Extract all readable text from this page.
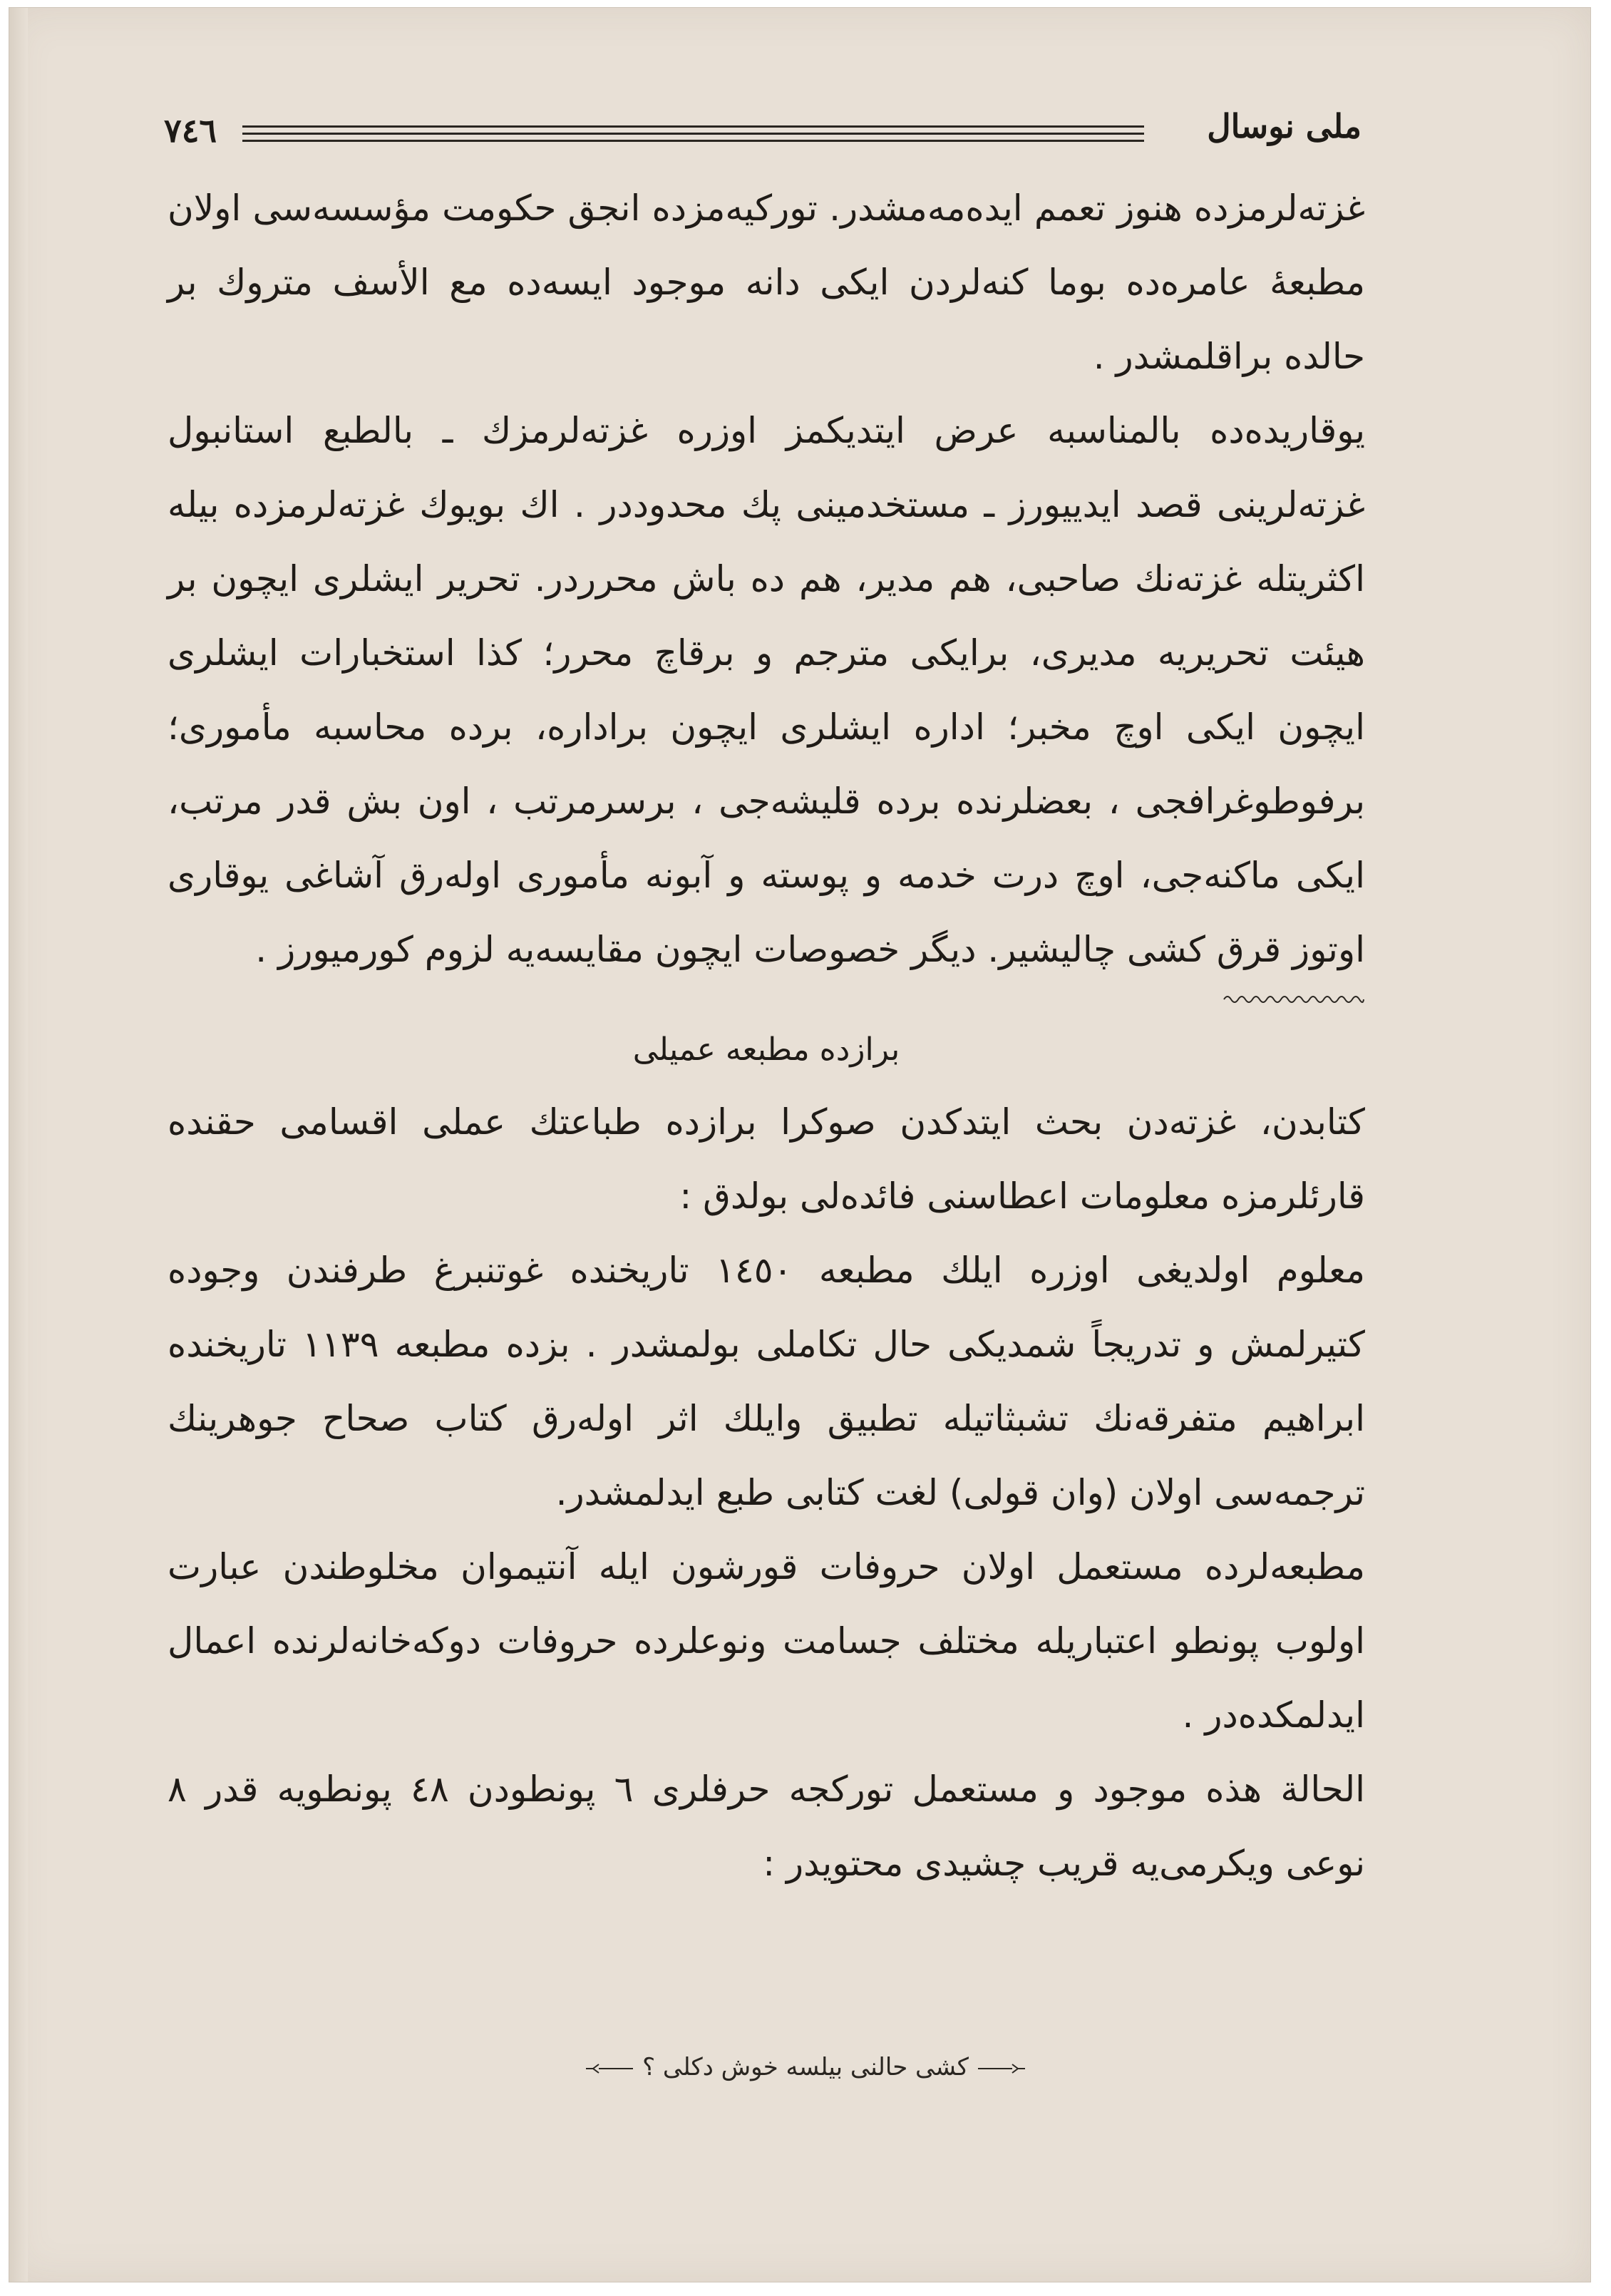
٧٤٦	ملی نوسال

غزته‌لرمزده هنوز تعمم ایده‌مه‌مشدر. تورکیه‌مزده انجق حکومت مؤسسه‌سی اولان مطبعهٔ عامره‌ده بوما کنه‌لردن ایکی دانه موجود ایسه‌ده مع الأسف متروك بر حالده براقلمشدر .

یوقاریده‌ده بالمناسبه عرض ایتدیکمز اوزره غزته‌لرمزك ـ بالطبع استانبول غزته‌لرینی قصد ایدییورز ـ مستخدمینی پك محدوددر . اك بویوك غزته‌لرمزده بیله اکثریتله غزته‌نك صاحبی، هم مدیر، هم ده باش محرردر. تحریر ایشلری ایچون بر هیئت تحریریه مدیری، برایکی مترجم و برقاچ محرر؛ کذا استخبارات ایشلری ایچون ایکی اوچ مخبر؛ اداره ایشلری ایچون برادارە، برده محاسبه مأموری؛ برفوطوغرافجی ، بعضلرنده برده قلیشه‌جی ، برسرمرتب ، اون بش قدر مرتب، ایکی ماکنه‌جی، اوچ درت خدمه و پوسته و آبونه مأموری اوله‌رق آشاغی یوقاری اوتوز قرق کشی چالیشیر. دیگر خصوصات ایچون مقایسه‌یه لزوم کورمیورز .

برازده مطبعه عمیلی

کتابدن، غزته‌دن بحث ایتدکدن صوکرا برازده طباعتك عملی اقسامی حقنده قارئلرمزه معلومات اعطاسنی فائده‌لی بولدق :

معلوم اولدیغی اوزره ایلك مطبعه ۱٤٥٠ تاریخنده غوتنبرغ طرفندن وجوده کتیرلمش و تدریجاً شمدیکی حال تکاملی بولمشدر . بزده مطبعه ۱۱۳۹ تاریخنده ابراهیم متفرقه‌نك تشبثاتیله تطبیق وایلك اثر اوله‌رق کتاب صحاح جوهرینك ترجمه‌سی اولان (وان قولی) لغت کتابی طبع ایدلمشدر.

مطبعه‌لرده مستعمل اولان حروفات قورشون ایله آنتیموان مخلوطندن عبارت اولوب پونطو اعتباریله مختلف جسامت ونوعلرده حروفات دوکه‌خانه‌لرنده اعمال ایدلمکده‌در .

الحالة هذه موجود و مستعمل تورکجه حرفلری ٦ پونطودن ٤٨ پونطویه قدر ٨ نوعی ویکرمی‌یه قریب چشیدی محتویدر :

کشی حالنی بیلسه خوش دکلی ؟
